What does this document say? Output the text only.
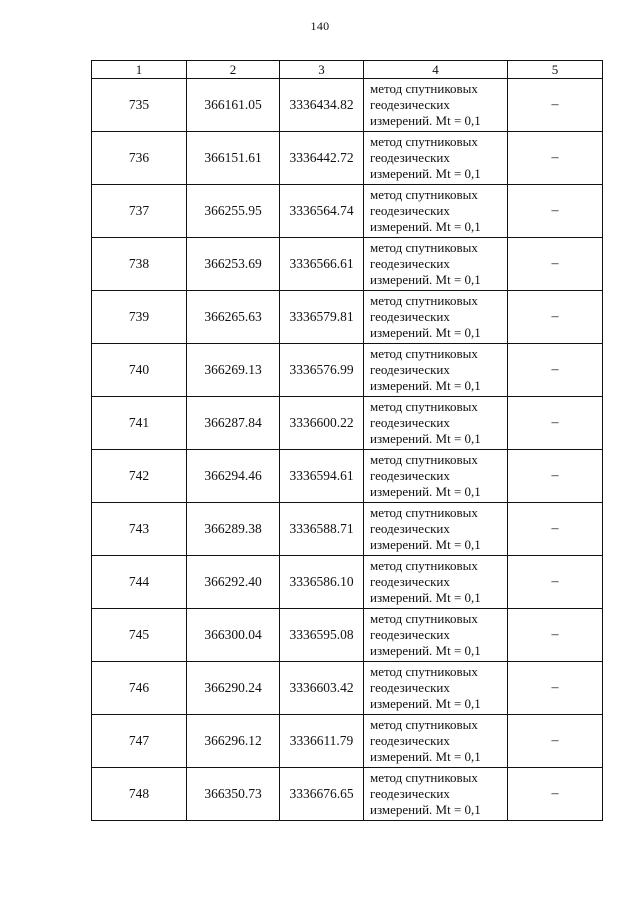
140
1	2	3	4	5
735	366161.05	3336434.82	метод спутниковых
геодезических
измерений. Mt = 0,1	–
736	366151.61	3336442.72	метод спутниковых
геодезических
измерений. Mt = 0,1	–
737	366255.95	3336564.74	метод спутниковых
геодезических
измерений. Mt = 0,1	–
738	366253.69	3336566.61	метод спутниковых
геодезических
измерений. Mt = 0,1	–
739	366265.63	3336579.81	метод спутниковых
геодезических
измерений. Mt = 0,1	–
740	366269.13	3336576.99	метод спутниковых
геодезических
измерений. Mt = 0,1	–
741	366287.84	3336600.22	метод спутниковых
геодезических
измерений. Mt = 0,1	–
742	366294.46	3336594.61	метод спутниковых
геодезических
измерений. Mt = 0,1	–
743	366289.38	3336588.71	метод спутниковых
геодезических
измерений. Mt = 0,1	–
744	366292.40	3336586.10	метод спутниковых
геодезических
измерений. Mt = 0,1	–
745	366300.04	3336595.08	метод спутниковых
геодезических
измерений. Mt = 0,1	–
746	366290.24	3336603.42	метод спутниковых
геодезических
измерений. Mt = 0,1	–
747	366296.12	3336611.79	метод спутниковых
геодезических
измерений. Mt = 0,1	–
748	366350.73	3336676.65	метод спутниковых
геодезических
измерений. Mt = 0,1	–
